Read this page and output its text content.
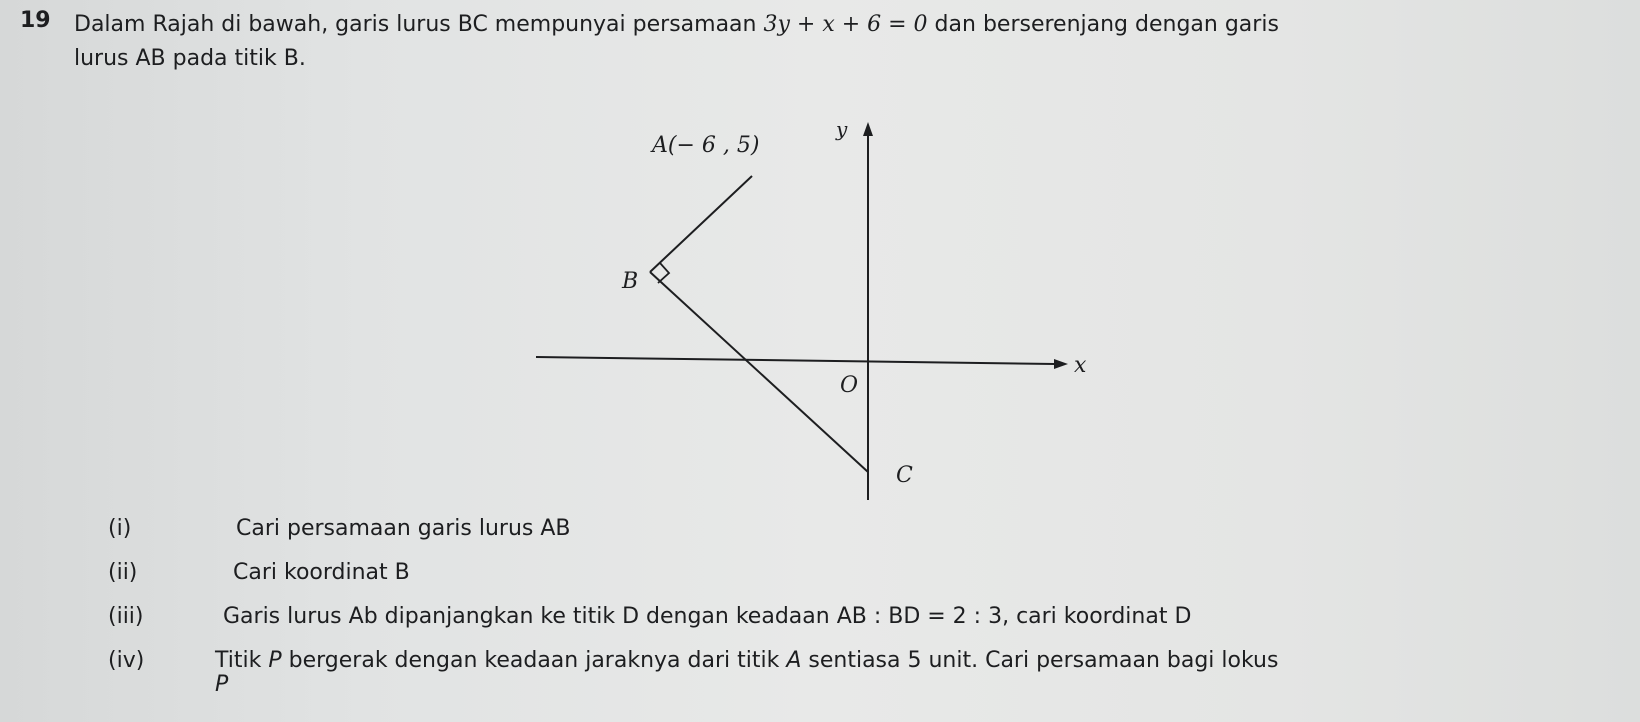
19 Dalam Rajah di bawah, garis lurus BC mempunyai persamaan 3y + x + 6 = 0 dan berserenjang dengan garis
lurus AB pada titik B.
A(− 6 , 5)
B
C
O
x
y
(i)	Cari persamaan garis lurus AB
(ii)	Cari koordinat B
(iii)	Garis lurus Ab dipanjangkan ke titik D dengan keadaan AB : BD = 2 : 3, cari koordinat D
(iv)	Titik P bergerak dengan keadaan jaraknya dari titik A sentiasa 5 unit. Cari persamaan bagi lokus
P
